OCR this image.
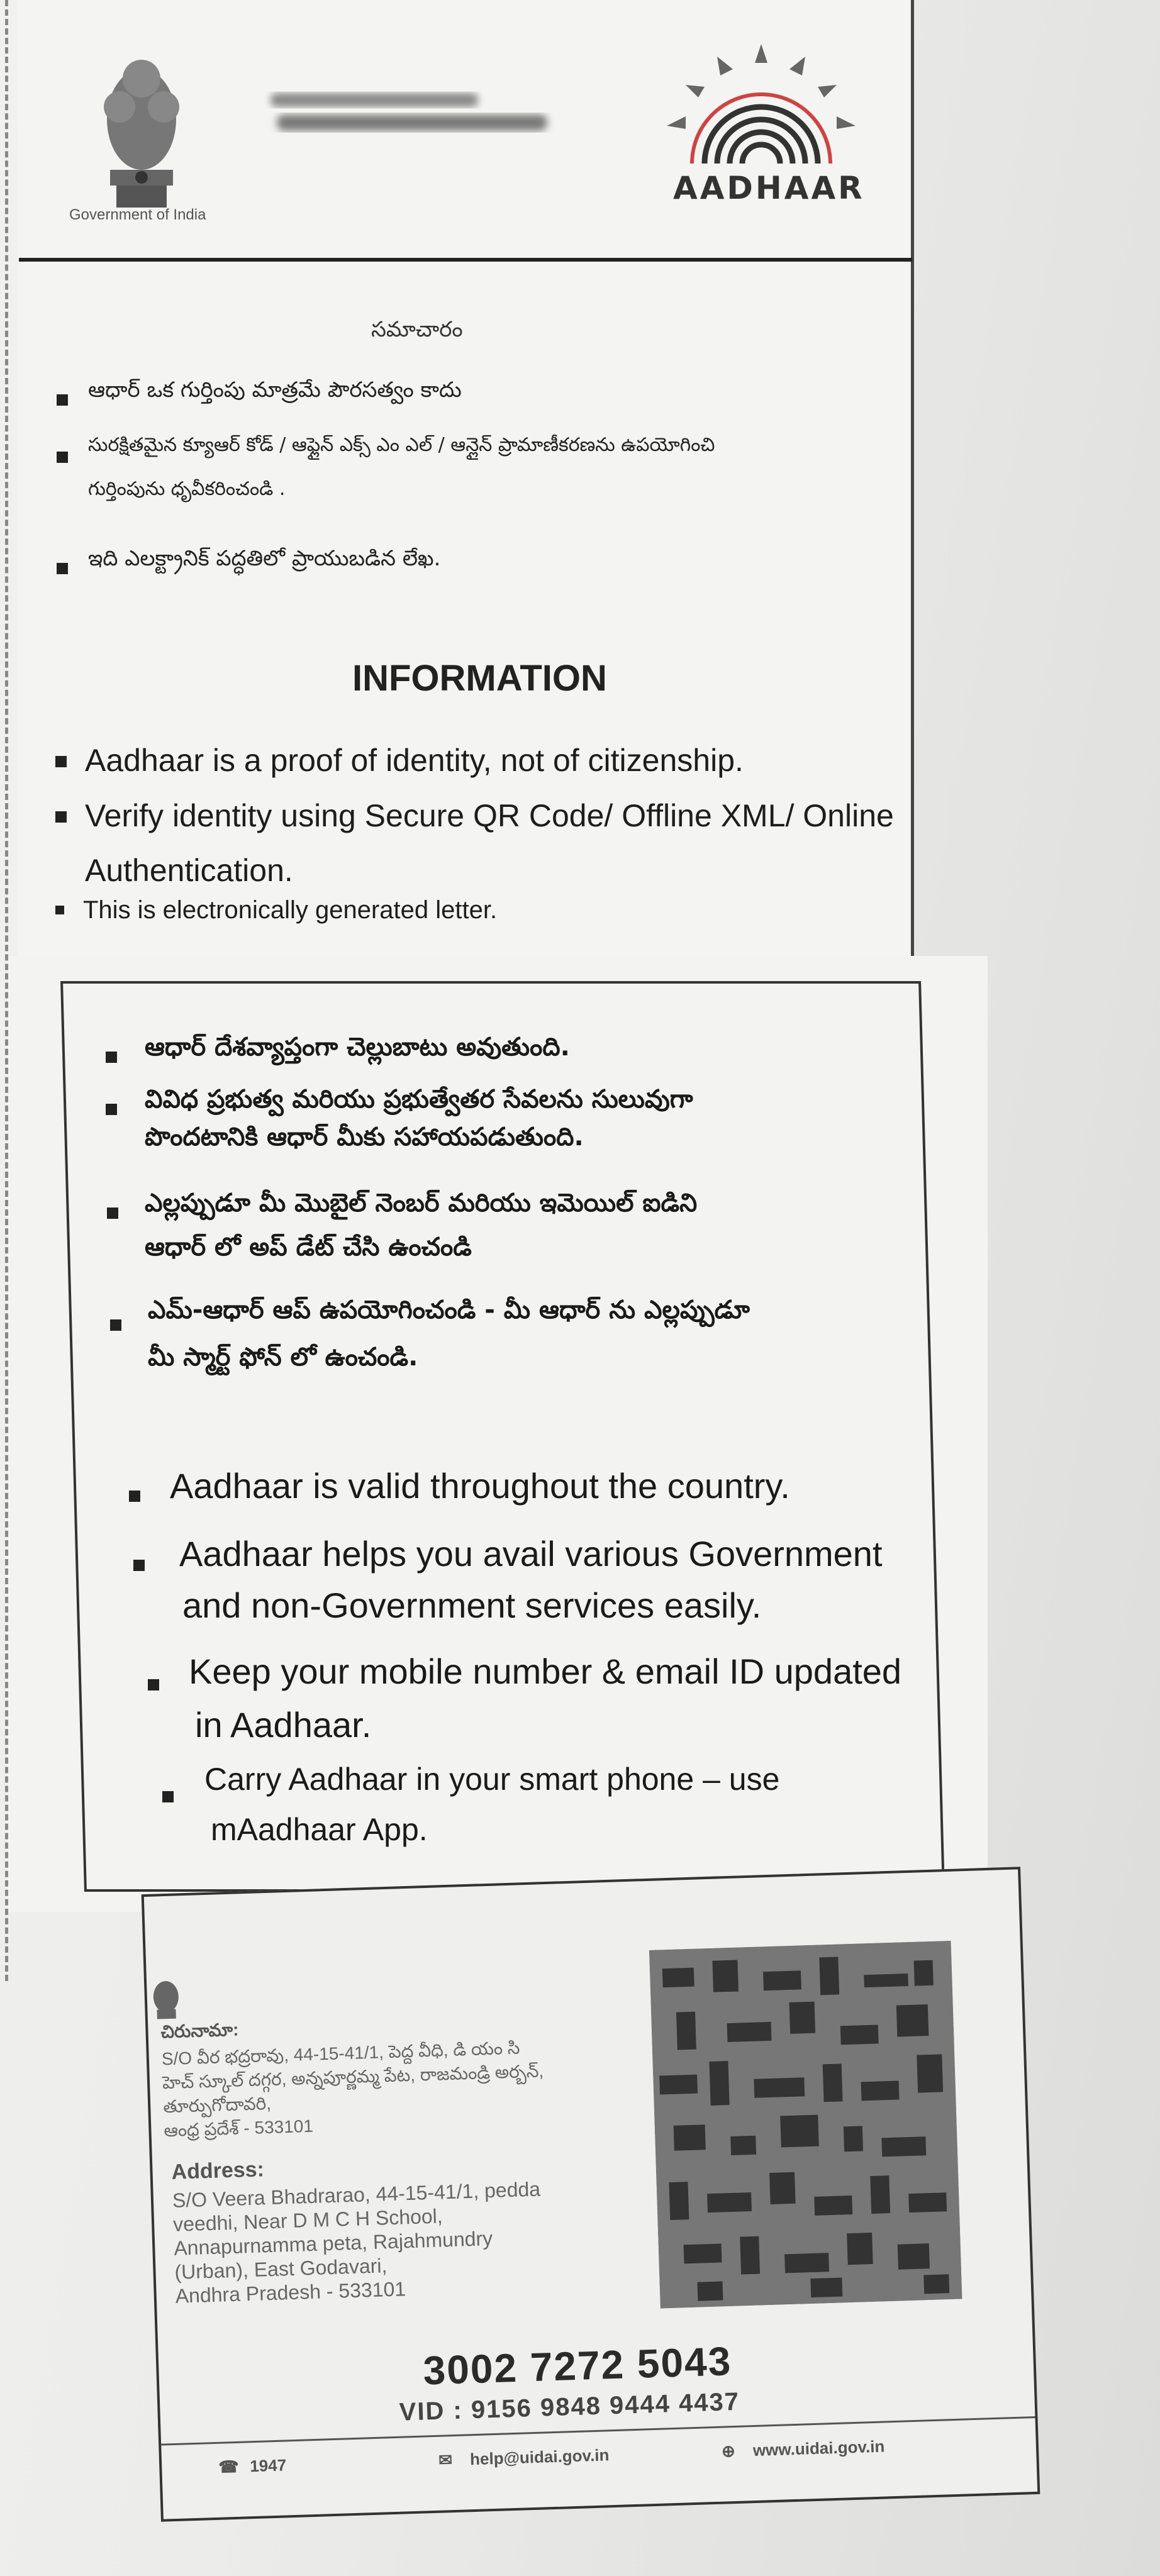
Government of India
AADHAAR
సమాచారం
ఆధార్ ఒక గుర్తింపు మాత్రమే పౌరసత్వం కాదు
సురక్షితమైన క్యూఆర్ కోడ్ / ఆఫ్లైన్ ఎక్స్ ఎం ఎల్ / ఆన్లైన్ ప్రామాణీకరణను ఉపయోగించి
గుర్తింపును ధృవీకరించండి .
ఇది ఎలక్ట్రానిక్ పద్ధతిలో ప్రాయుబడిన లేఖ.
INFORMATION
Aadhaar is a proof of identity, not of citizenship.
Verify identity using Secure QR Code/ Offline XML/ Online
Authentication.
This is electronically generated letter.
ఆధార్ దేశవ్యాప్తంగా చెల్లుబాటు అవుతుంది.
వివిధ ప్రభుత్వ మరియు ప్రభుత్వేతర సేవలను సులువుగా
పొందటానికి ఆధార్ మీకు సహాయపడుతుంది.
ఎల్లప్పుడూ మీ మొబైల్ నెంబర్ మరియు ఇమెయిల్ ఐడిని
ఆధార్ లో అప్ డేట్ చేసి ఉంచండి
ఎమ్-ఆధార్ ఆప్ ఉపయోగించండి - మీ ఆధార్ ను ఎల్లప్పుడూ
మీ స్మార్ట్ ఫోన్ లో ఉంచండి.
Aadhaar is valid throughout the country.
Aadhaar helps you avail various Government
and non-Government services easily.
Keep your mobile number & email ID updated
in Aadhaar.
Carry Aadhaar in your smart phone – use
mAadhaar App.
చిరునామా:
S/O వీర భద్రరావు, 44-15-41/1, పెద్ద వీధి, డి యం సి
హెచ్ స్కూల్ దగ్గర, అన్నపూర్ణమ్మ పేట, రాజమండ్రి అర్బన్,
తూర్పుగోదావరి,
ఆంధ్ర ప్రదేశ్ - 533101
Address:
S/O Veera Bhadrarao, 44-15-41/1, pedda
veedhi, Near D M C H School,
Annapurnamma peta, Rajahmundry
(Urban), East Godavari,
Andhra Pradesh - 533101
3002 7272 5043
VID : 9156 9848 9444 4437
☎ 1947	✉ help@uidai.gov.in	⊕ www.uidai.gov.in
